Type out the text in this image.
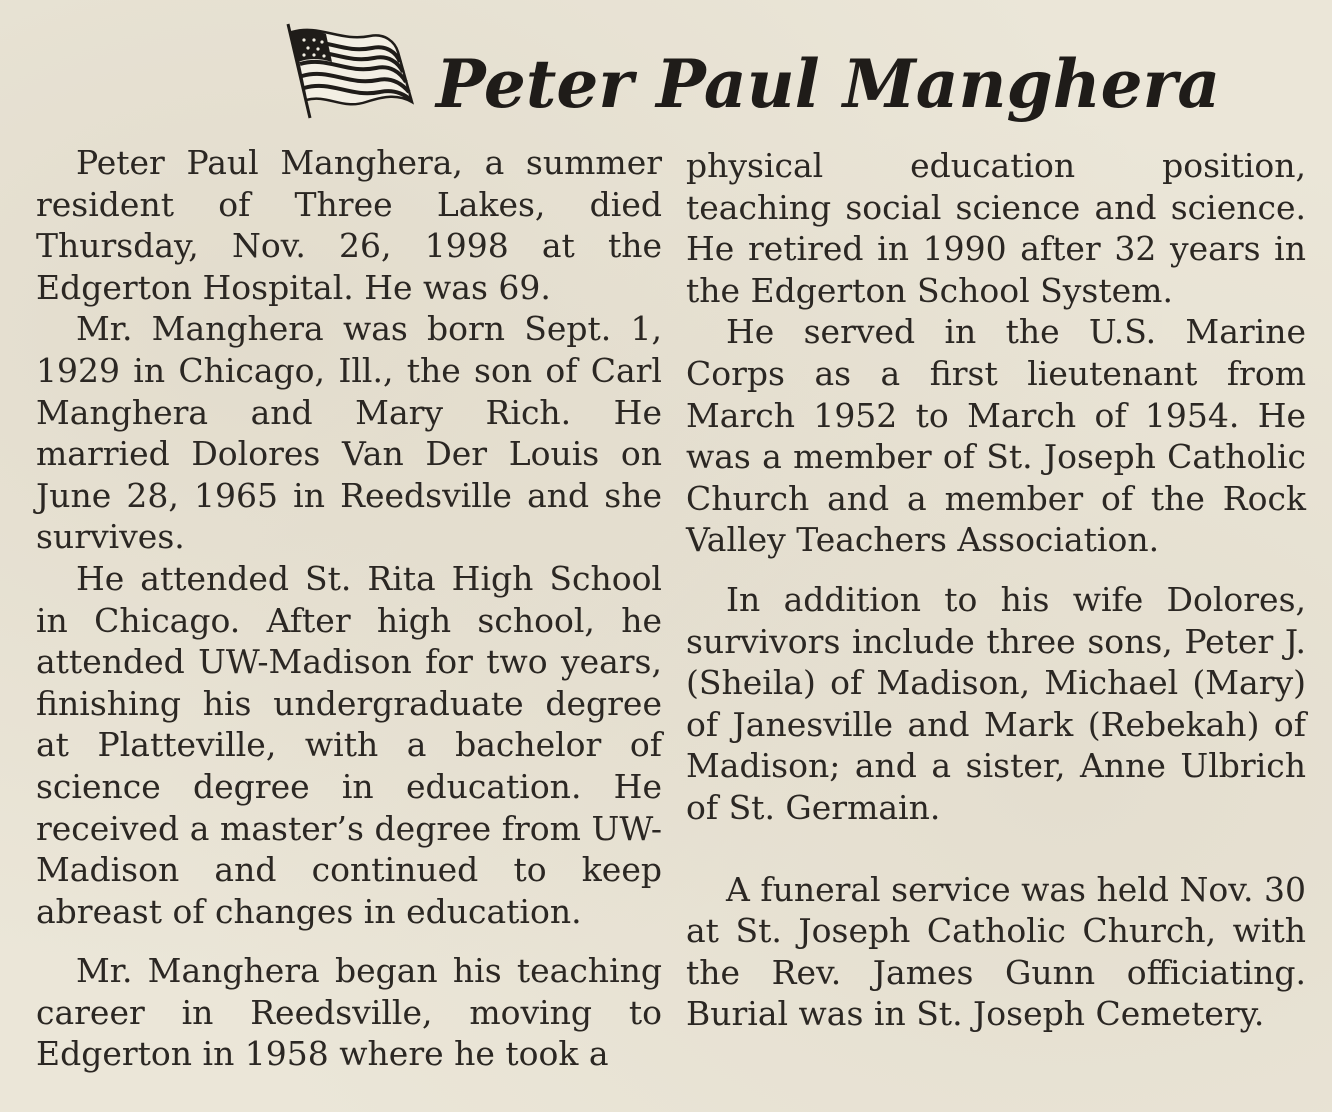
Peter Paul Manghera

Peter Paul Manghera, a summer resident of Three Lakes, died Thursday, Nov. 26, 1998 at the Edgerton Hospital. He was 69.

Mr. Manghera was born Sept. 1, 1929 in Chicago, Ill., the son of Carl Manghera and Mary Rich. He married Dolores Van Der Louis on June 28, 1965 in Reedsville and she survives.

He attended St. Rita High School in Chicago. After high school, he attended UW-Madison for two years, finishing his undergraduate degree at Platteville, with a bachelor of science degree in education. He received a master’s degree from UW-Madison and continued to keep abreast of changes in education.

Mr. Manghera began his teaching career in Reedsville, moving to Edgerton in 1958 where he took a

physical education position, teaching social science and science. He retired in 1990 after 32 years in the Edgerton School System.

He served in the U.S. Marine Corps as a first lieutenant from March 1952 to March of 1954. He was a member of St. Joseph Catholic Church and a member of the Rock Valley Teachers Association.

In addition to his wife Dolores, survivors include three sons, Peter J. (Sheila) of Madison, Michael (Mary) of Janesville and Mark (Rebekah) of Madison; and a sister, Anne Ulbrich of St. Germain.

A funeral service was held Nov. 30 at St. Joseph Catholic Church, with the Rev. James Gunn officiating. Burial was in St. Joseph Cemetery.
